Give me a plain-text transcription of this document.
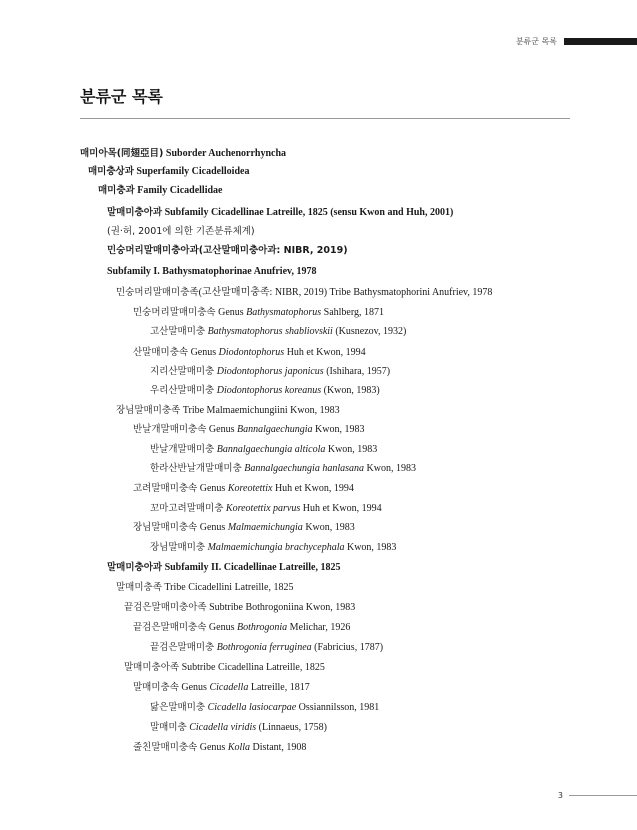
분류군 목록
분류군 목록
매미아목(同翅亞目) Suborder Auchenorrhyncha
매미충상과 Superfamily Cicadelloidea
매미충과 Family Cicadellidae
말매미충아과 Subfamily Cicadellinae Latreille, 1825 (sensu Kwon and Huh, 2001)
(권·허, 2001에 의한 기존분류체계)
민숭머리말매미충아과(고산말매미충아과: NIBR, 2019)
Subfamily I. Bathysmatophorinae Anufriev, 1978
민숭머리말매미충족(고산말매미충족: NIBR, 2019) Tribe Bathysmatophorini Anufriev, 1978
민숭머리말매미충속 Genus Bathysmatophorus Sahlberg, 1871
고산말매미충 Bathysmatophorus shabliovskii (Kusnezov, 1932)
산말매미충속 Genus Diodontophorus Huh et Kwon, 1994
지리산말매미충 Diodontophorus japonicus (Ishihara, 1957)
우리산말매미충 Diodontophorus koreanus (Kwon, 1983)
장님말매미충족 Tribe Malmaemichungiini Kwon, 1983
반날개말매미충속 Genus Bannalgaechungia Kwon, 1983
반날개말매미충 Bannalgaechungia alticola Kwon, 1983
한라산반날개말매미충 Bannalgaechungia hanlasana Kwon, 1983
고려말매미충속 Genus Koreotettix Huh et Kwon, 1994
꼬마고려말매미충 Koreotettix parvus Huh et Kwon, 1994
장님말매미충속 Genus Malmaemichungia Kwon, 1983
장님말매미충 Malmaemichungia brachycephala Kwon, 1983
말매미충아과 Subfamily II. Cicadellinae Latreille, 1825
말매미충족 Tribe Cicadellini Latreille, 1825
끝검은말매미충아족 Subtribe Bothrogoniina Kwon, 1983
끝검은말매미충속 Genus Bothrogonia Melichar, 1926
끝검은말매미충 Bothrogonia ferruginea (Fabricius, 1787)
말매미충아족 Subtribe Cicadellina Latreille, 1825
말매미충속 Genus Cicadella Latreille, 1817
닮은말매미충 Cicadella lasiocarpae Ossiannilsson, 1981
말매미충 Cicadella viridis (Linnaeus, 1758)
줄친말매미충속 Genus Kolla Distant, 1908
3
